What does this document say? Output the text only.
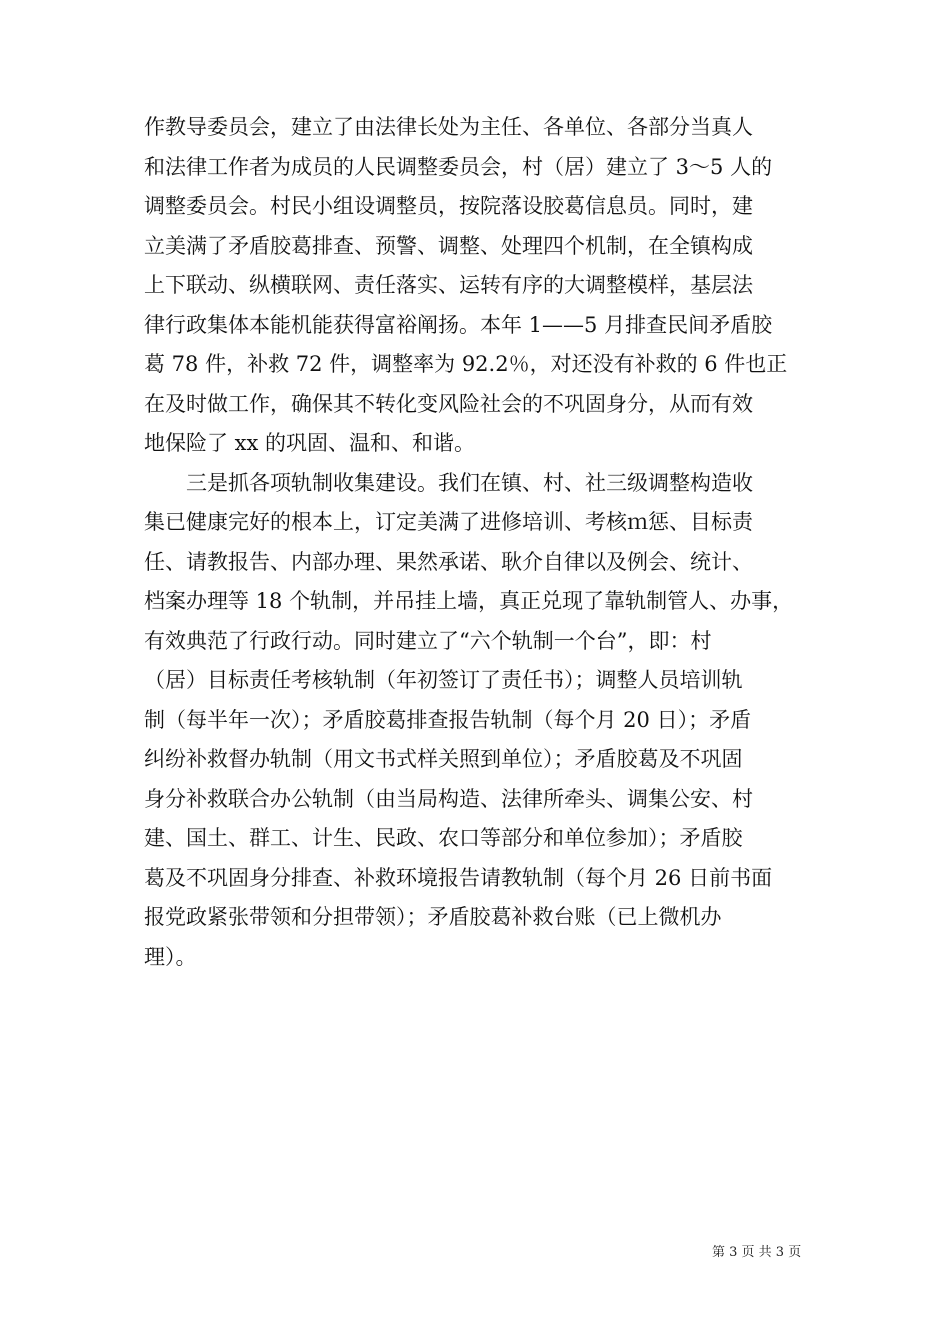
作教导委员会，建立了由法律长处为主任、各单位、各部分当真人
和法律工作者为成员的人民调整委员会，村（居）建立了 3～5 人的
调整委员会。村民小组设调整员，按院落设胶葛信息员。同时，建
立美满了矛盾胶葛排查、预警、调整、处理四个机制，在全镇构成
上下联动、纵横联网、责任落实、运转有序的大调整模样，基层法
律行政集体本能机能获得富裕阐扬。本年 1——5 月排查民间矛盾胶
葛 78 件，补救 72 件，调整率为 92.2％，对还没有补救的 6 件也正
在及时做工作，确保其不转化变风险社会的不巩固身分，从而有效
地保险了 xx 的巩固、温和、和谐。
　　三是抓各项轨制收集建设。我们在镇、村、社三级调整构造收
集已健康完好的根本上，订定美满了进修培训、考核ｍ惩、目标责
任、请教报告、内部办理、果然承诺、耿介自律以及例会、统计、
档案办理等 18 个轨制，并吊挂上墙，真正兑现了靠轨制管人、办事，
有效典范了行政行动。同时建立了“六个轨制一个台”，即：村
（居）目标责任考核轨制（年初签订了责任书）；调整人员培训轨
制（每半年一次）；矛盾胶葛排查报告轨制（每个月 20 日）；矛盾
纠纷补救督办轨制（用文书式样关照到单位）；矛盾胶葛及不巩固
身分补救联合办公轨制（由当局构造、法律所牵头、调集公安、村
建、国土、群工、计生、民政、农口等部分和单位参加）；矛盾胶
葛及不巩固身分排查、补救环境报告请教轨制（每个月 26 日前书面
报党政紧张带领和分担带领）；矛盾胶葛补救台账（已上微机办
理）。
第 3 页 共 3 页
